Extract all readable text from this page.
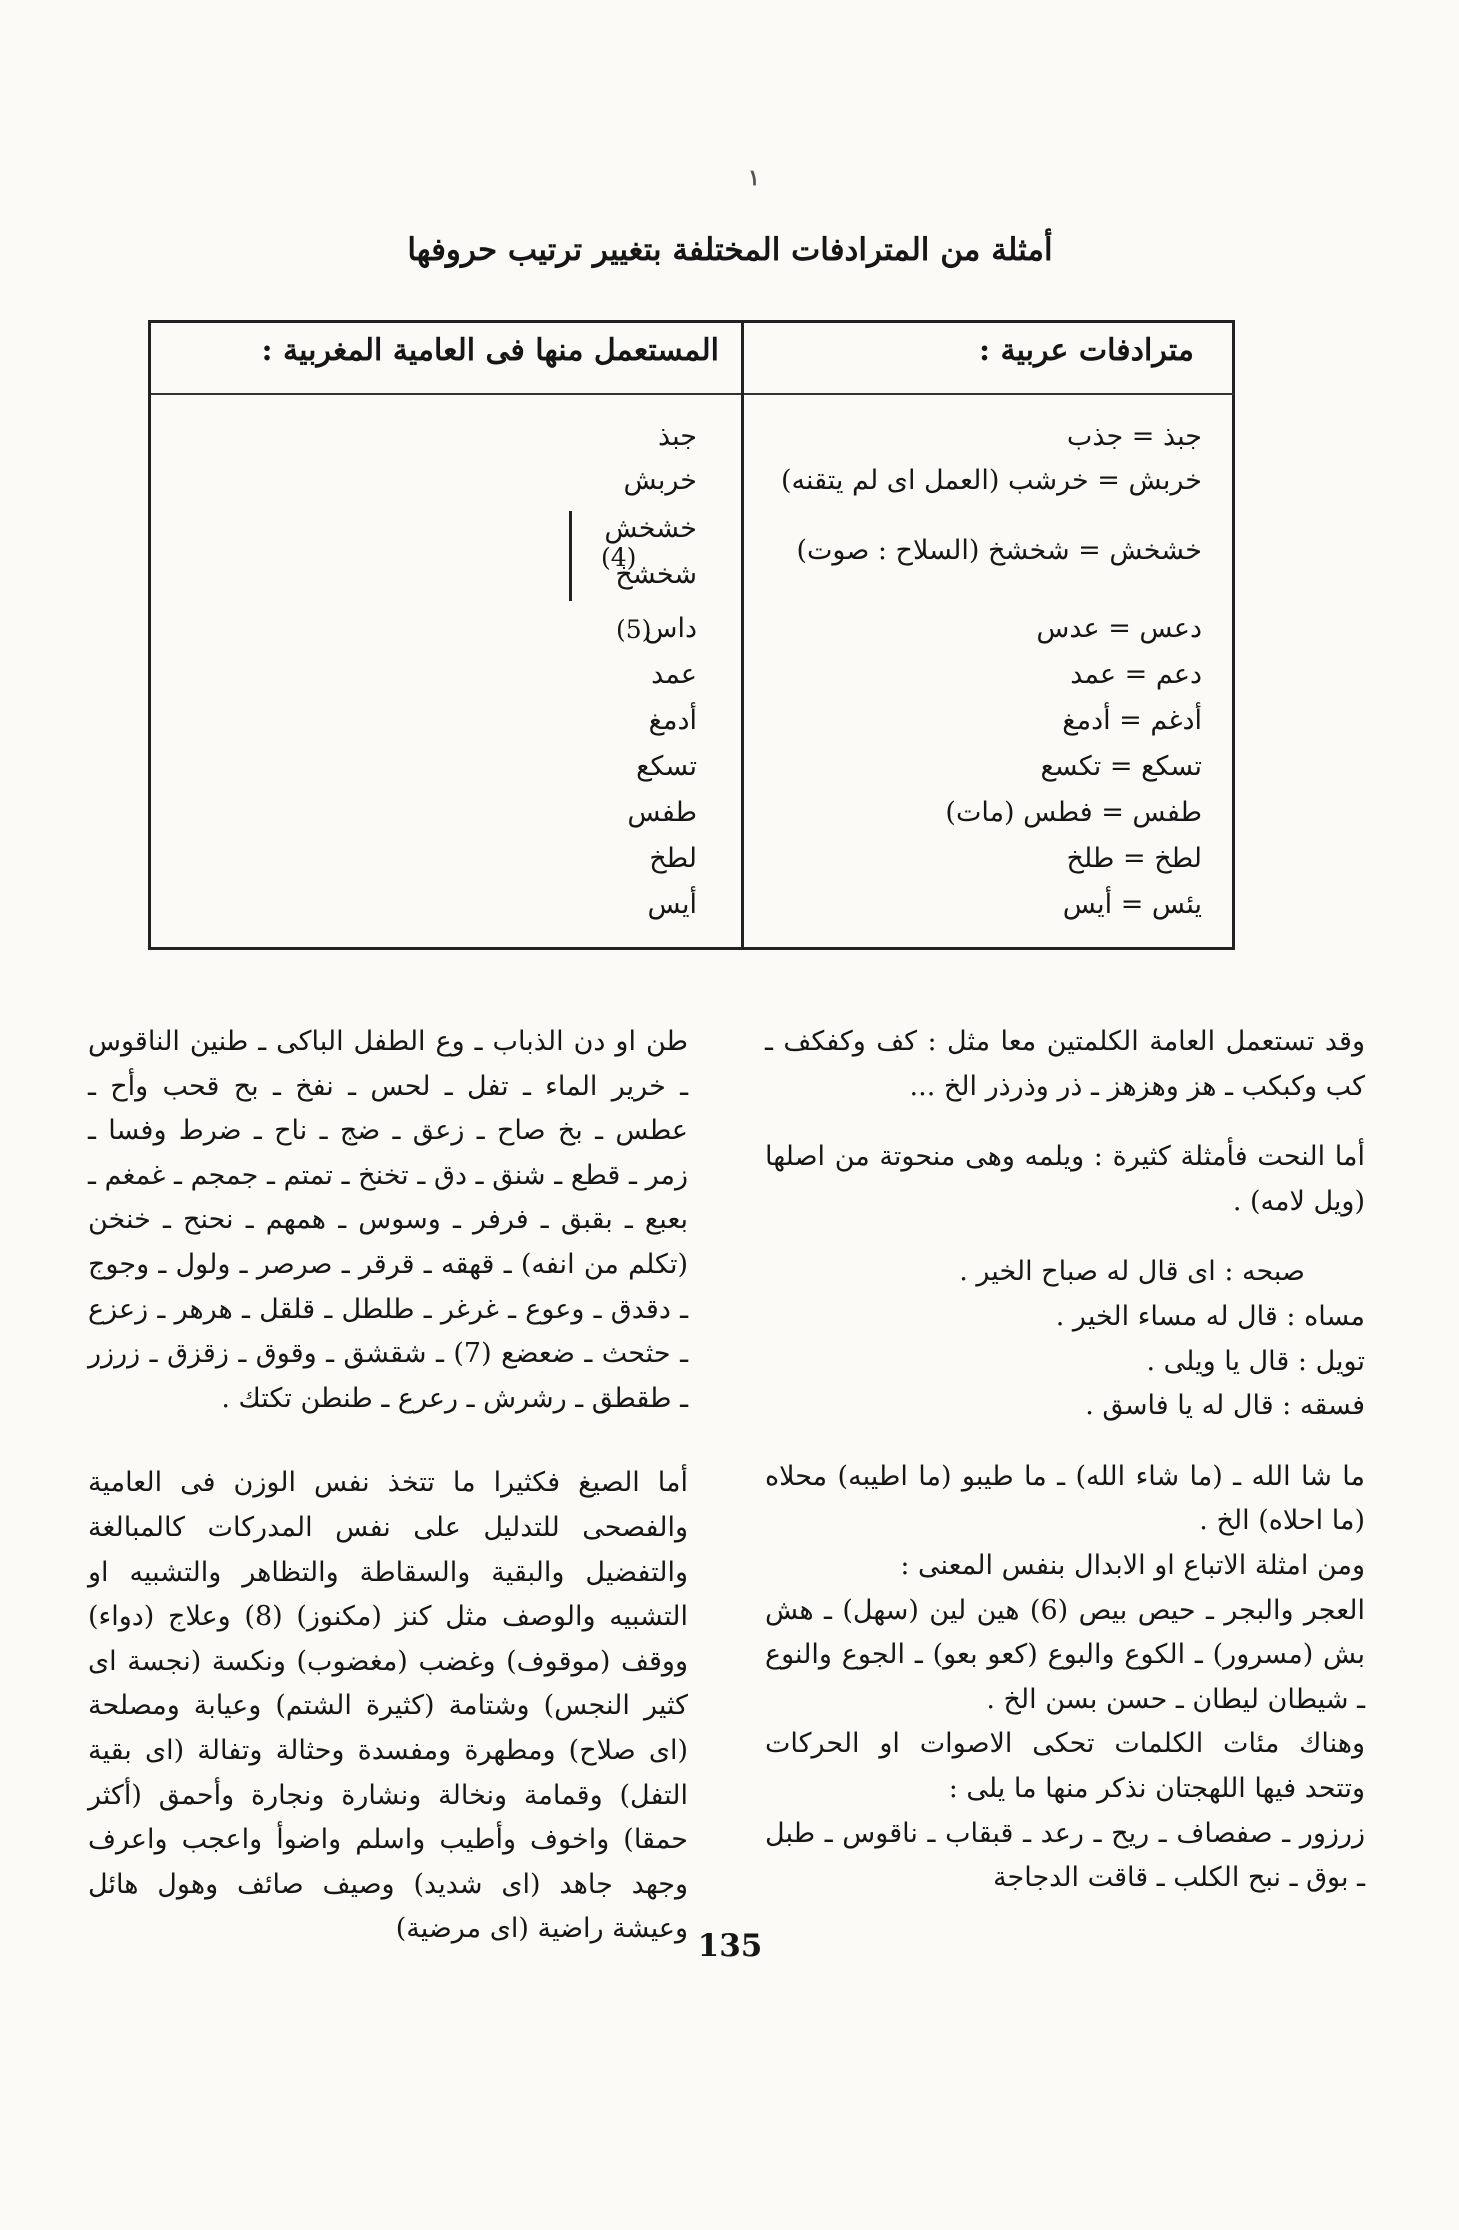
١
أمثلة من المترادفات المختلفة بتغيير ترتيب حروفها
مترادفات عربية :
المستعمل منها فى العامية المغربية :
جبذ = جذب
خربش = خرشب (العمل اى لم يتقنه)
خشخش = شخشخ (السلاح : صوت)
دعس = عدس
دعم = عمد
أدغم = أدمغ
تسكع = تكسع
طفس = فطس (مات)
لطخ = طلخ
يئس = أيس
جبذ
خربش
خشخش
شخشخ
داس
عمد
أدمغ
تسكع
طفس
لطخ
أيس
(4)
(5)

وقد تستعمل العامة الكلمتين معا مثل : كف وكفكف ـ كب وكبكب ـ هز وهزهز ـ ذر وذرذر الخ ...

أما النحت فأمثلة كثيرة : ويلمه وهى منحوتة من اصلها (ويل لامه) .

صبحه : اى قال له صباح الخير .

مساه : قال له مساء الخير .

تويل : قال يا ويلى .

فسقه : قال له يا فاسق .

ما شا الله ـ (ما شاء الله) ـ ما طيبو (ما اطيبه) محلاه (ما احلاه) الخ .

ومن امثلة الاتباع او الابدال بنفس المعنى :

العجر والبجر ـ حيص بيص (6) هين لين (سهل) ـ هش بش (مسرور) ـ الكوع والبوع (كعو بعو) ـ الجوع والنوع ـ شيطان ليطان ـ حسن بسن الخ .

وهناك مئات الكلمات تحكى الاصوات او الحركات وتتحد فيها اللهجتان نذكر منها ما يلى :

زرزور ـ صفصاف ـ ريح ـ رعد ـ قبقاب ـ ناقوس ـ طبل ـ بوق ـ نبح الكلب ـ قاقت الدجاجة

طن او دن الذباب ـ وع الطفل الباكى ـ طنين الناقوس ـ خرير الماء ـ تفل ـ لحس ـ نفخ ـ بح قحب وأح ـ عطس ـ بخ صاح ـ زعق ـ ضج ـ ناح ـ ضرط وفسا ـ زمر ـ قطع ـ شنق ـ دق ـ تخنخ ـ تمتم ـ جمجم ـ غمغم ـ بعبع ـ بقبق ـ فرفر ـ وسوس ـ همهم ـ نحنح ـ خنخن (تكلم من انفه) ـ قهقه ـ قرقر ـ صرصر ـ ولول ـ وجوج ـ دقدق ـ وعوع ـ غرغر ـ طلطل ـ قلقل ـ هرهر ـ زعزع ـ حثحث ـ ضعضع (7) ـ شقشق ـ وقوق ـ زقزق ـ زرزر ـ طقطق ـ رشرش ـ رعرع ـ طنطن تكتك .

أما الصيغ فكثيرا ما تتخذ نفس الوزن فى العامية والفصحى للتدليل على نفس المدركات كالمبالغة والتفضيل والبقية والسقاطة والتظاهر والتشبيه او التشبيه والوصف مثل كنز (مكنوز) (8) وعلاج (دواء) ووقف (موقوف) وغضب (مغضوب) ونكسة (نجسة اى كثير النجس) وشتامة (كثيرة الشتم) وعيابة ومصلحة (اى صلاح) ومطهرة ومفسدة وحثالة وتفالة (اى بقية التفل) وقمامة ونخالة ونشارة ونجارة وأحمق (أكثر حمقا) واخوف وأطيب واسلم واضوأ واعجب واعرف وجهد جاهد (اى شديد) وصيف صائف وهول هائل وعيشة راضية (اى مرضية) 135
